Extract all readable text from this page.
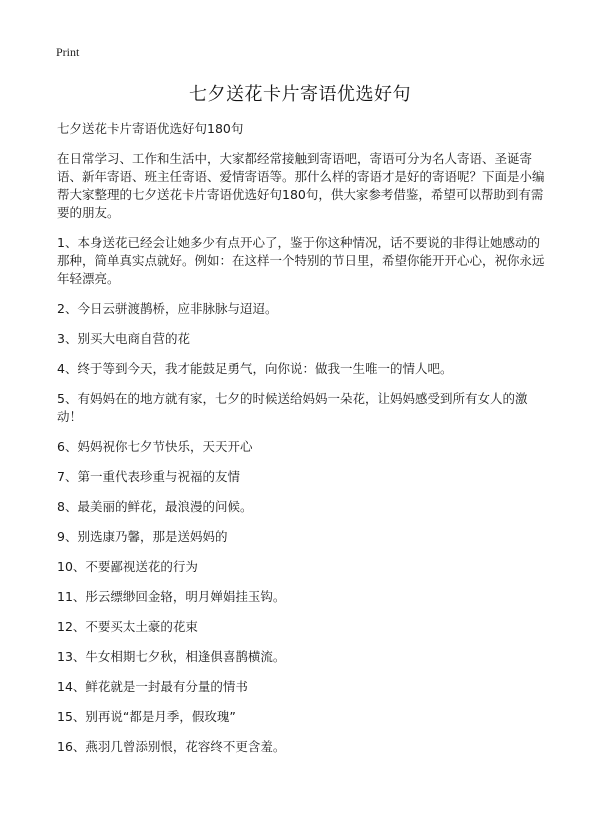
Print
七夕送花卡片寄语优选好句

七夕送花卡片寄语优选好句180句

在日常学习、工作和生活中，大家都经常接触到寄语吧，寄语可分为名人寄语、圣诞寄语、新年寄语、班主任寄语、爱情寄语等。那什么样的寄语才是好的寄语呢？下面是小编帮大家整理的七夕送花卡片寄语优选好句180句，供大家参考借鉴，希望可以帮助到有需要的朋友。

1、本身送花已经会让她多少有点开心了，鉴于你这种情况，话不要说的非得让她感动的那种，简单真实点就好。例如：在这样一个特别的节日里，希望你能开开心心，祝你永远年轻漂亮。

2、今日云骈渡鹊桥，应非脉脉与迢迢。

3、别买大电商自营的花

4、终于等到今天，我才能鼓足勇气，向你说：做我一生唯一的情人吧。

5、有妈妈在的地方就有家，七夕的时候送给妈妈一朵花，让妈妈感受到所有女人的激动！

6、妈妈祝你七夕节快乐，天天开心

7、第一重代表珍重与祝福的友情

8、最美丽的鲜花，最浪漫的问候。

9、别选康乃馨，那是送妈妈的

10、不要鄙视送花的行为

11、彤云缥缈回金辂，明月婵娟挂玉钩。

12、不要买太土豪的花束

13、牛女相期七夕秋，相逢俱喜鹊横流。

14、鲜花就是一封最有分量的情书

15、别再说“都是月季，假玫瑰”

16、燕羽几曾添别恨，花容终不更含羞。
